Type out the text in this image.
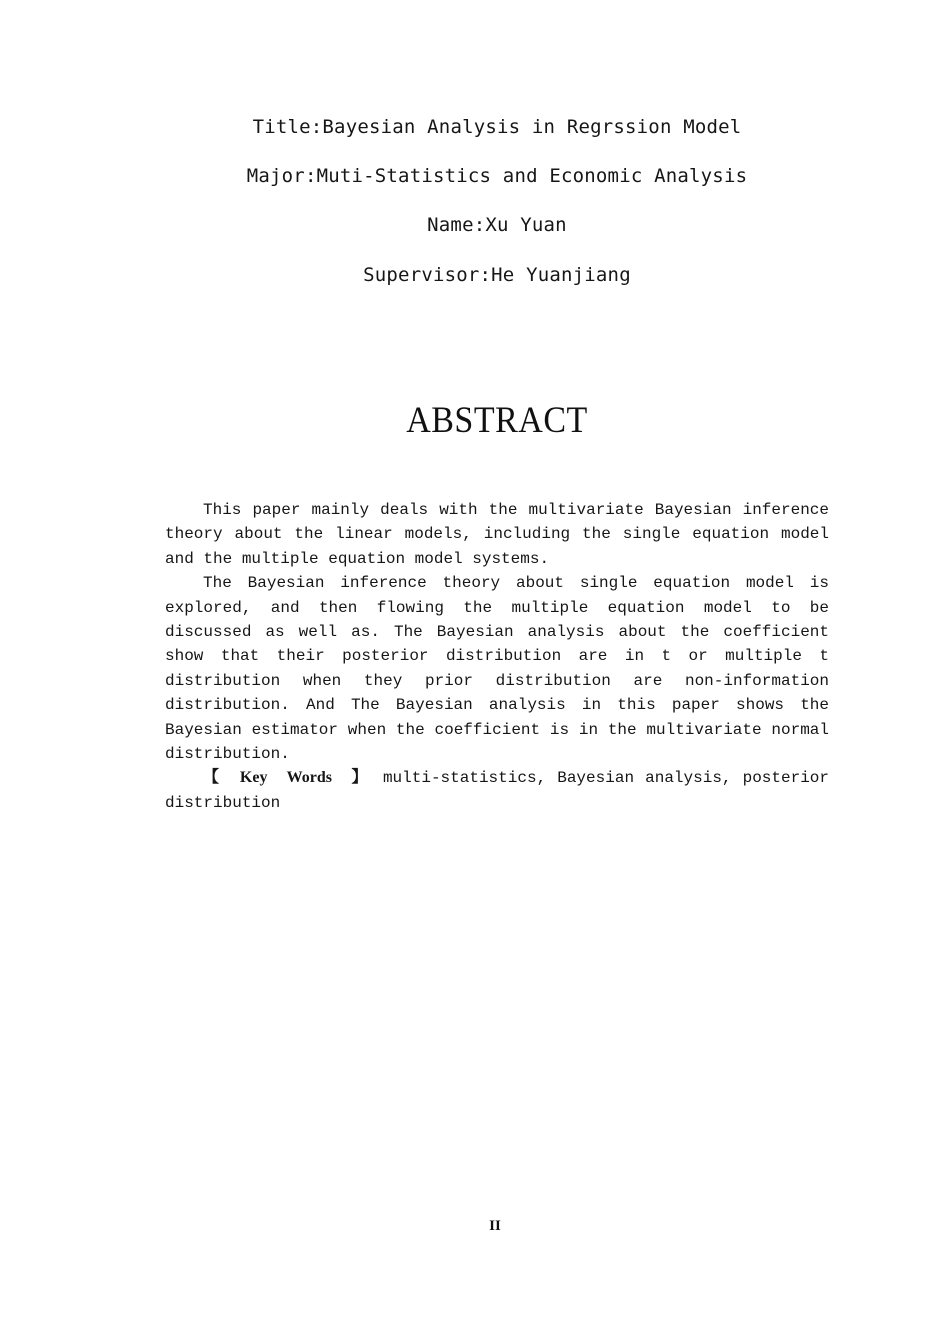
Title:Bayesian Analysis in Regrssion Model
Major:Muti-Statistics and Economic Analysis
Name:Xu Yuan
Supervisor:He Yuanjiang
ABSTRACT

This paper mainly deals with the multivariate Bayesian inference theory about the linear models, including the single equation model and the multiple equation model systems.

The Bayesian inference theory about single equation model is explored, and then flowing the multiple equation model to be discussed as well as. The Bayesian analysis about the coefficient show that their posterior distribution are in t or multiple t distribution when they prior distribution are non-information distribution. And The Bayesian analysis in this paper shows the Bayesian estimator when the coefficient is in the multivariate normal distribution.

【 Key Words 】 multi-statistics, Bayesian analysis, posterior distribution

II
